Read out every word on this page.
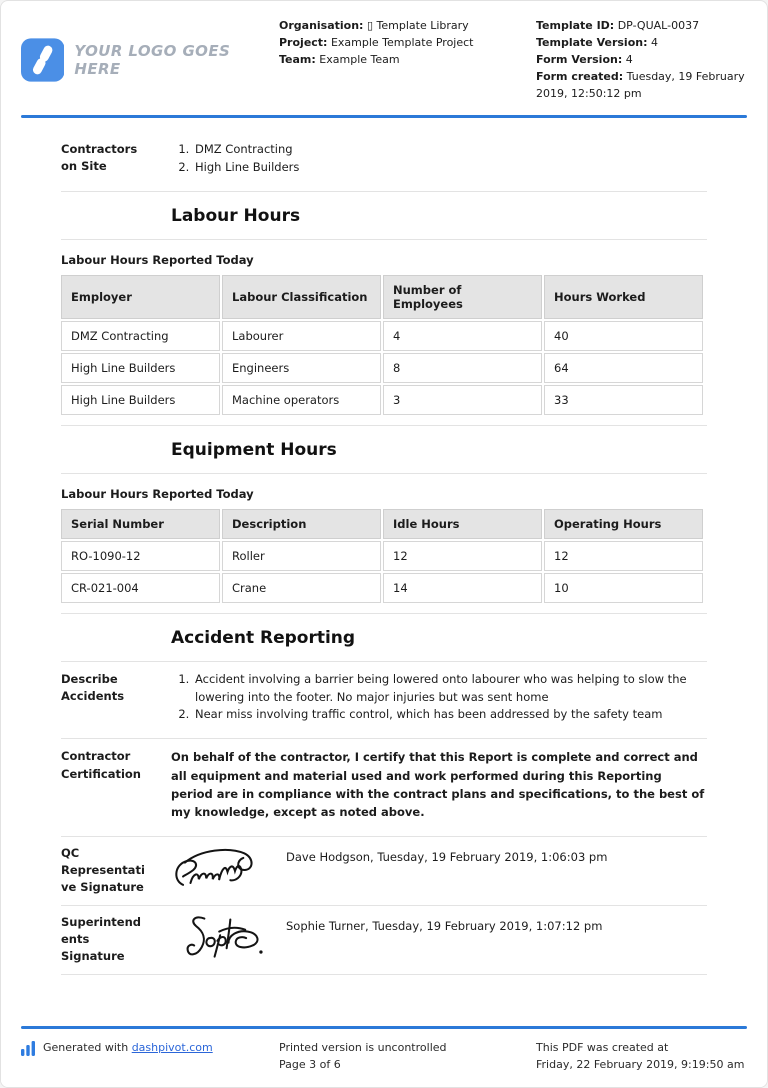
YOUR LOGO GOES HERE
Organisation: ▯ Template Library
Project: Example Template Project
Team: Example Team
Template ID: DP-QUAL-0037
Template Version: 4
Form Version: 4
Form created: Tuesday, 19 February 2019, 12:50:12 pm
Contractors
on Site
1. DMZ Contracting
2. High Line Builders
Labour Hours
Labour Hours Reported Today
Employer	Labour Classification	Number of Employees	Hours Worked
DMZ Contracting	Labourer	4	40
High Line Builders	Engineers	8	64
High Line Builders	Machine operators	3	33
Equipment Hours
Labour Hours Reported Today
Serial Number	Description	Idle Hours	Operating Hours
RO-1090-12	Roller	12	12
CR-021-004	Crane	14	10
Accident Reporting
Describe
Accidents
1. Accident involving a barrier being lowered onto labourer who was helping to slow the lowering into the footer. No major injuries but was sent home
2. Near miss involving traffic control, which has been addressed by the safety team
Contractor
Certification
On behalf of the contractor, I certify that this Report is complete and correct and all equipment and material used and work performed during this Reporting period are in compliance with the contract plans and specifications, to the best of my knowledge, except as noted above.
QC
Representati
ve Signature
Dave Hodgson, Tuesday, 19 February 2019, 1:06:03 pm
Superintend
ents
Signature
Sophie Turner, Tuesday, 19 February 2019, 1:07:12 pm
Generated with dashpivot.com	Printed version is uncontrolled
Page 3 of 6
This PDF was created at
Friday, 22 February 2019, 9:19:50 am
